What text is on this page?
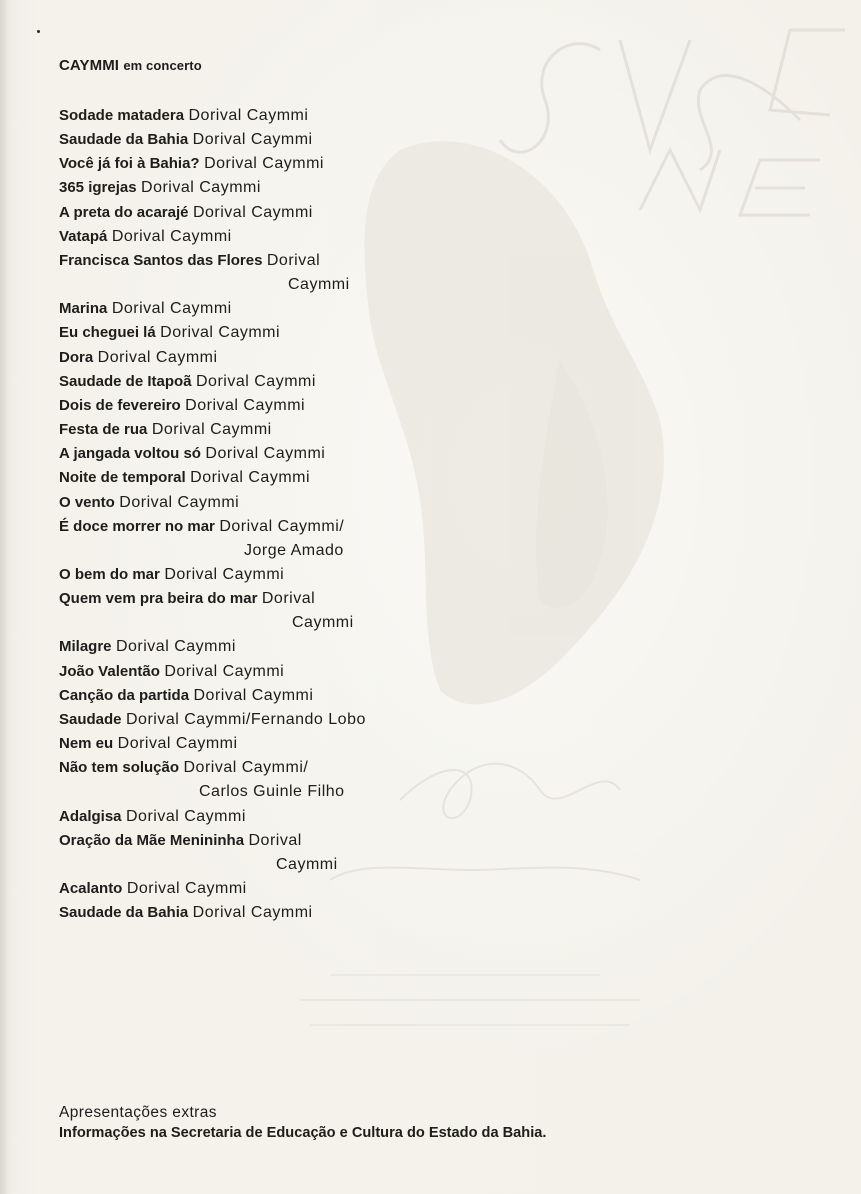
CAYMMI em concerto
Sodade matadera Dorival Caymmi
Saudade da Bahia Dorival Caymmi
Você já foi à Bahia? Dorival Caymmi
365 igrejas Dorival Caymmi
A preta do acarajé Dorival Caymmi
Vatapá Dorival Caymmi
Francisca Santos das Flores Dorival
Caymmi
Marina Dorival Caymmi
Eu cheguei lá Dorival Caymmi
Dora Dorival Caymmi
Saudade de Itapoã Dorival Caymmi
Dois de fevereiro Dorival Caymmi
Festa de rua Dorival Caymmi
A jangada voltou só Dorival Caymmi
Noite de temporal Dorival Caymmi
O vento Dorival Caymmi
É doce morrer no mar Dorival Caymmi/
Jorge Amado
O bem do mar Dorival Caymmi
Quem vem pra beira do mar Dorival
Caymmi
Milagre Dorival Caymmi
João Valentão Dorival Caymmi
Canção da partida Dorival Caymmi
Saudade Dorival Caymmi/Fernando Lobo
Nem eu Dorival Caymmi
Não tem solução Dorival Caymmi/
Carlos Guinle Filho
Adalgisa Dorival Caymmi
Oração da Mãe Menininha Dorival
Caymmi
Acalanto Dorival Caymmi
Saudade da Bahia Dorival Caymmi
Apresentações extras
Informações na Secretaria de Educação e Cultura do Estado da Bahia.
